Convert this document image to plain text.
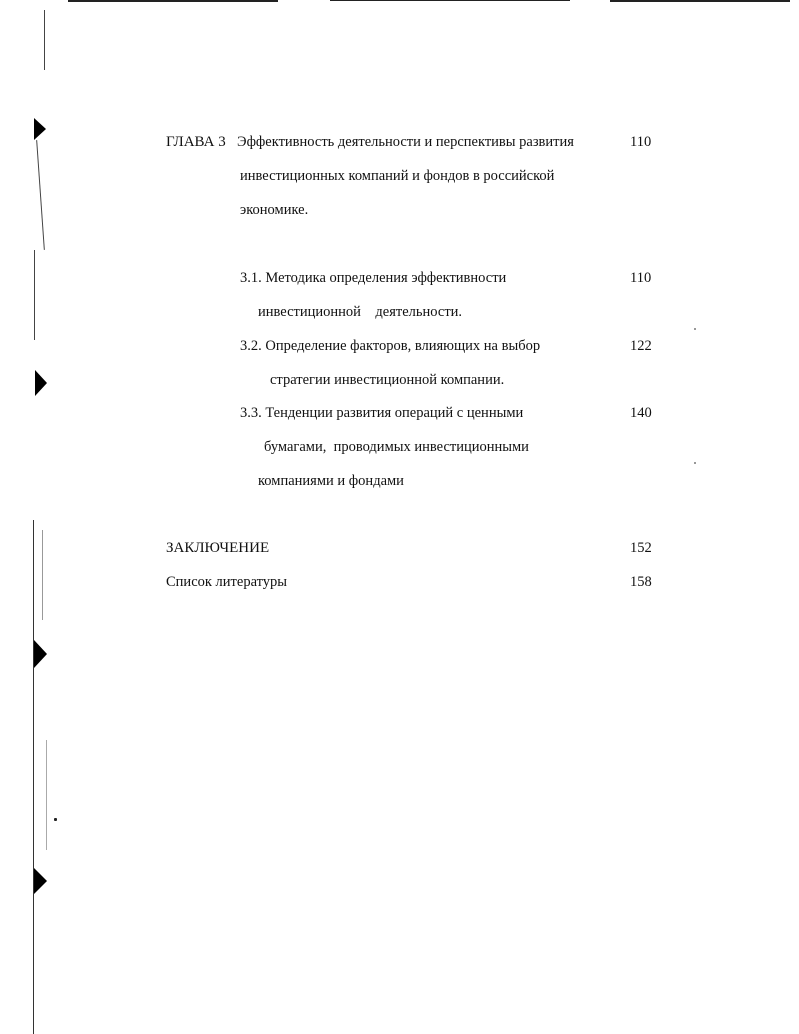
ГЛАВА 3 Эффективность деятельности и перспективы развития	110
инвестиционных компаний и фондов в российской
экономике.
3.1. Методика определения эффективности	110
инвестиционной    деятельности.
3.2. Определение факторов, влияющих на выбор	122
стратегии инвестиционной компании.
3.3. Тенденции развития операций с ценными	140
бумагами,  проводимых инвестиционными
компаниями и фондами
ЗАКЛЮЧЕНИЕ	152
Список литературы	158
